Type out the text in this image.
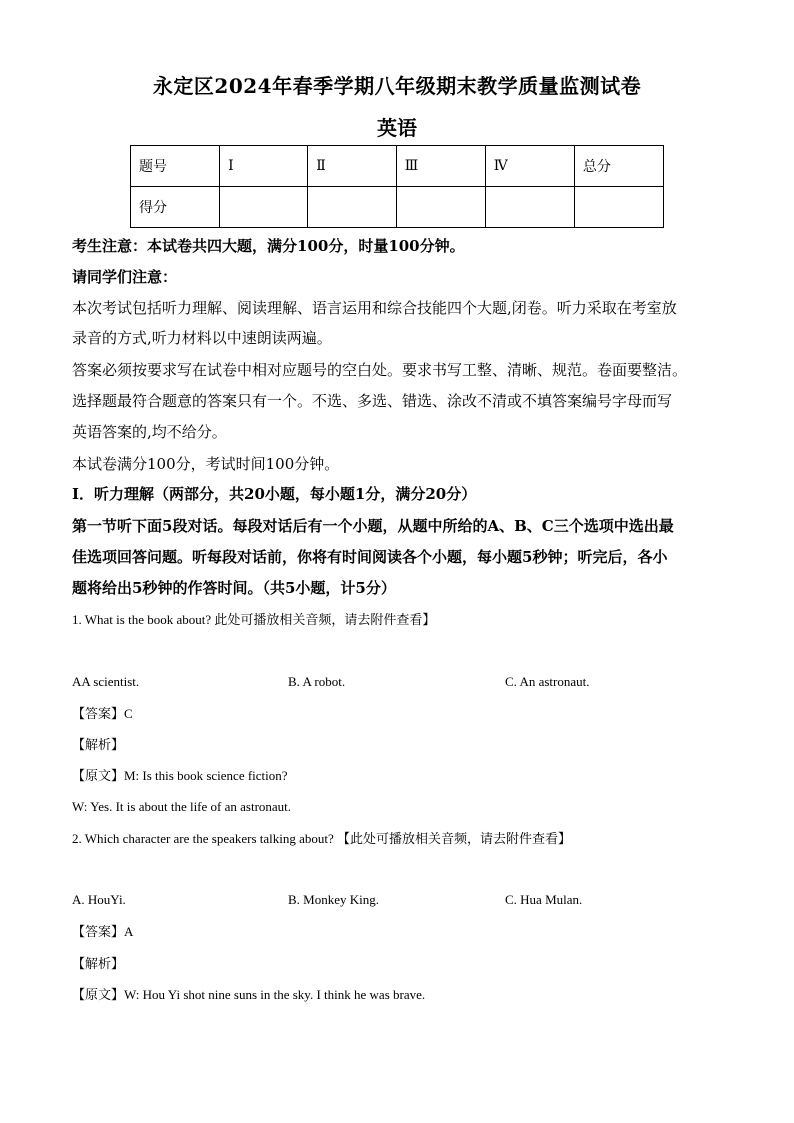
永定区2024年春季学期八年级期末教学质量监测试卷
英语
题号	Ⅰ	Ⅱ	Ⅲ	Ⅳ	总分
得分					
考生注意：本试卷共四大题，满分100分，时量100分钟。
请同学们注意：
本次考试包括听力理解、阅读理解、语言运用和综合技能四个大题,闭卷。听力采取在考室放
录音的方式,听力材料以中速朗读两遍。
答案必须按要求写在试卷中相对应题号的空白处。要求书写工整、清晰、规范。卷面要整洁。
选择题最符合题意的答案只有一个。不选、多选、错选、涂改不清或不填答案编号字母而写
英语答案的,均不给分。
本试卷满分100分，考试时间100分钟。
Ⅰ．听力理解（两部分，共20小题，每小题1分，满分20分）
第一节听下面5段对话。每段对话后有一个小题，从题中所给的A、B、C三个选项中选出最
佳选项回答问题。听每段对话前，你将有时间阅读各个小题，每小题5秒钟；听完后，各小
题将给出5秒钟的作答时间。（共5小题，计5分）
1. What is the book about? 此处可播放相关音频，请去附件查看】
AA scientist.	B. A robot.	C. An astronaut.
【答案】C
【解析】
【原文】M: Is this book science fiction?
W: Yes. It is about the life of an astronaut.
2. Which character are the speakers talking about? 【此处可播放相关音频，请去附件查看】
A. HouYi.	B. Monkey King.	C. Hua Mulan.
【答案】A
【解析】
【原文】W: Hou Yi shot nine suns in the sky. I think he was brave.
